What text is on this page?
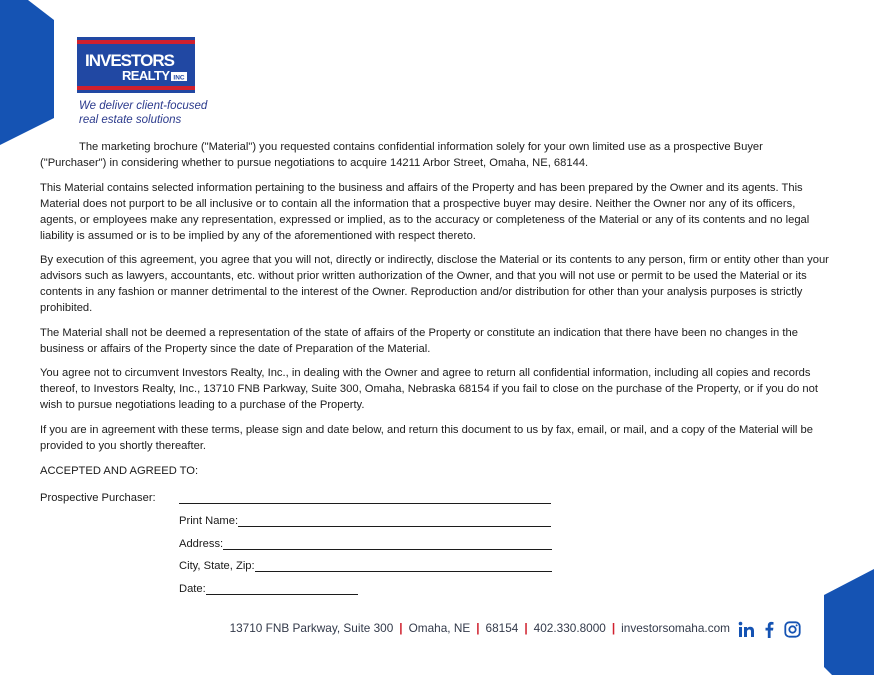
INVESTORS
REALTY INC
We deliver client-focused
real estate solutions

The marketing brochure ("Material") you requested contains confidential information solely for your own limited use as a prospective Buyer ("Purchaser") in considering whether to pursue negotiations to acquire 14211 Arbor Street, Omaha, NE, 68144.

This Material contains selected information pertaining to the business and affairs of the Property and has been prepared by the Owner and its agents. This Material does not purport to be all inclusive or to contain all the information that a prospective buyer may desire. Neither the Owner nor any of its officers, agents, or employees make any representation, expressed or implied, as to the accuracy or completeness of the Material or any of its contents and no legal liability is assumed or is to be implied by any of the aforementioned with respect thereto.

By execution of this agreement, you agree that you will not, directly or indirectly, disclose the Material or its contents to any person, firm or entity other than your advisors such as lawyers, accountants, etc. without prior written authorization of the Owner, and that you will not use or permit to be used the Material or its contents in any fashion or manner detrimental to the interest of the Owner. Reproduction and/or distribution for other than your analysis purposes is strictly prohibited.

The Material shall not be deemed a representation of the state of affairs of the Property or constitute an indication that there have been no changes in the business or affairs of the Property since the date of Preparation of the Material.

You agree not to circumvent Investors Realty, Inc., in dealing with the Owner and agree to return all confidential information, including all copies and records thereof, to Investors Realty, Inc., 13710 FNB Parkway, Suite 300, Omaha, Nebraska 68154 if you fail to close on the purchase of the Property, or if you do not wish to pursue negotiations leading to a purchase of the Property.

If you are in agreement with these terms, please sign and date below, and return this document to us by fax, email, or mail, and a copy of the Material will be provided to you shortly thereafter.

ACCEPTED AND AGREED TO:
Prospective Purchaser:
Print Name:
Address:
City, State, Zip:
Date:
13710 FNB Parkway, Suite 300 | Omaha, NE | 68154 | 402.330.8000 | investorsomaha.com
